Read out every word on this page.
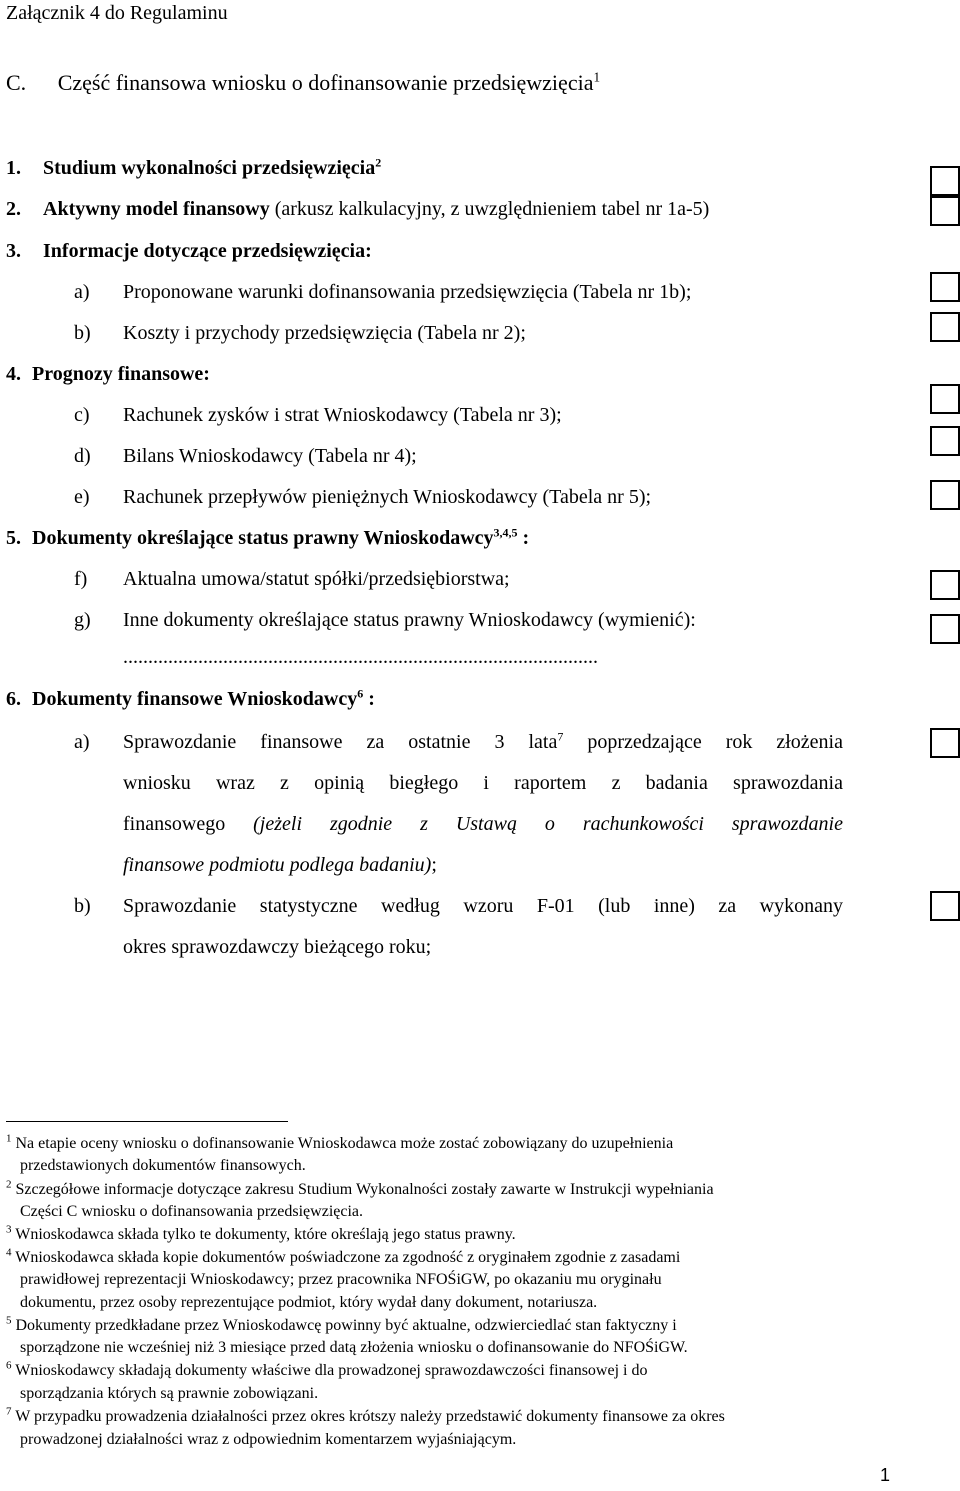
Załącznik 4 do Regulaminu
C. Część finansowa wniosku o dofinansowanie przedsięwzięcia$^1$
1. Studium wykonalności przedsięwzięcia$^2$
2. Aktywny model finansowy (arkusz kalkulacyjny, z uwzględnieniem tabel nr 1a-5)
3. Informacje dotyczące przedsięwzięcia:
a) Proponowane warunki dofinansowania przedsięwzięcia (Tabela nr 1b);
b) Koszty i przychody przedsięwzięcia (Tabela nr 2);
4. Prognozy finansowe:
c) Rachunek zysków i strat Wnioskodawcy (Tabela nr 3);
d) Bilans Wnioskodawcy (Tabela nr 4);
e) Rachunek przepływów pieniężnych Wnioskodawcy (Tabela nr 5);
5. Dokumenty określające status prawny Wnioskodawcy$^{3,4,5}$ :
f) Aktualna umowa/statut spółki/przedsiębiorstwa;
g) Inne dokumenty określające status prawny Wnioskodawcy (wymienić):
...............................................................................................
6. Dokumenty finansowe Wnioskodawcy$^6$ :
a) Sprawozdanie finansowe za ostatnie 3 lata$^7$ poprzedzające rok złożenia
wniosku wraz z opinią biegłego i raportem z badania sprawozdania
finansowego (jeżeli zgodnie z Ustawą o rachunkowości sprawozdanie
finansowe podmiotu podlega badaniu);
b) Sprawozdanie statystyczne według wzoru F-01 (lub inne) za wykonany
okres sprawozdawczy bieżącego roku;
$^1$ Na etapie oceny wniosku o dofinansowanie Wnioskodawca może zostać zobowiązany do uzupełnienia
przedstawionych dokumentów finansowych.
$^2$ Szczegółowe informacje dotyczące zakresu Studium Wykonalności zostały zawarte w Instrukcji wypełniania
Części C wniosku o dofinansowania przedsięwzięcia.
$^3$ Wnioskodawca składa tylko te dokumenty, które określają jego status prawny.
$^4$ Wnioskodawca składa kopie dokumentów poświadczone za zgodność z oryginałem zgodnie z zasadami
prawidłowej reprezentacji Wnioskodawcy; przez pracownika NFOŚiGW, po okazaniu mu oryginału
dokumentu, przez osoby reprezentujące podmiot, który wydał dany dokument, notariusza.
$^5$ Dokumenty przedkładane przez Wnioskodawcę powinny być aktualne, odzwierciedlać stan faktyczny i
sporządzone nie wcześniej niż 3 miesiące przed datą złożenia wniosku o dofinansowanie do NFOŚiGW.
$^6$ Wnioskodawcy składają dokumenty właściwe dla prowadzonej sprawozdawczości finansowej i do
sporządzania których są prawnie zobowiązani.
$^7$ W przypadku prowadzenia działalności przez okres krótszy należy przedstawić dokumenty finansowe za okres
prowadzonej działalności wraz z odpowiednim komentarzem wyjaśniającym.
1
